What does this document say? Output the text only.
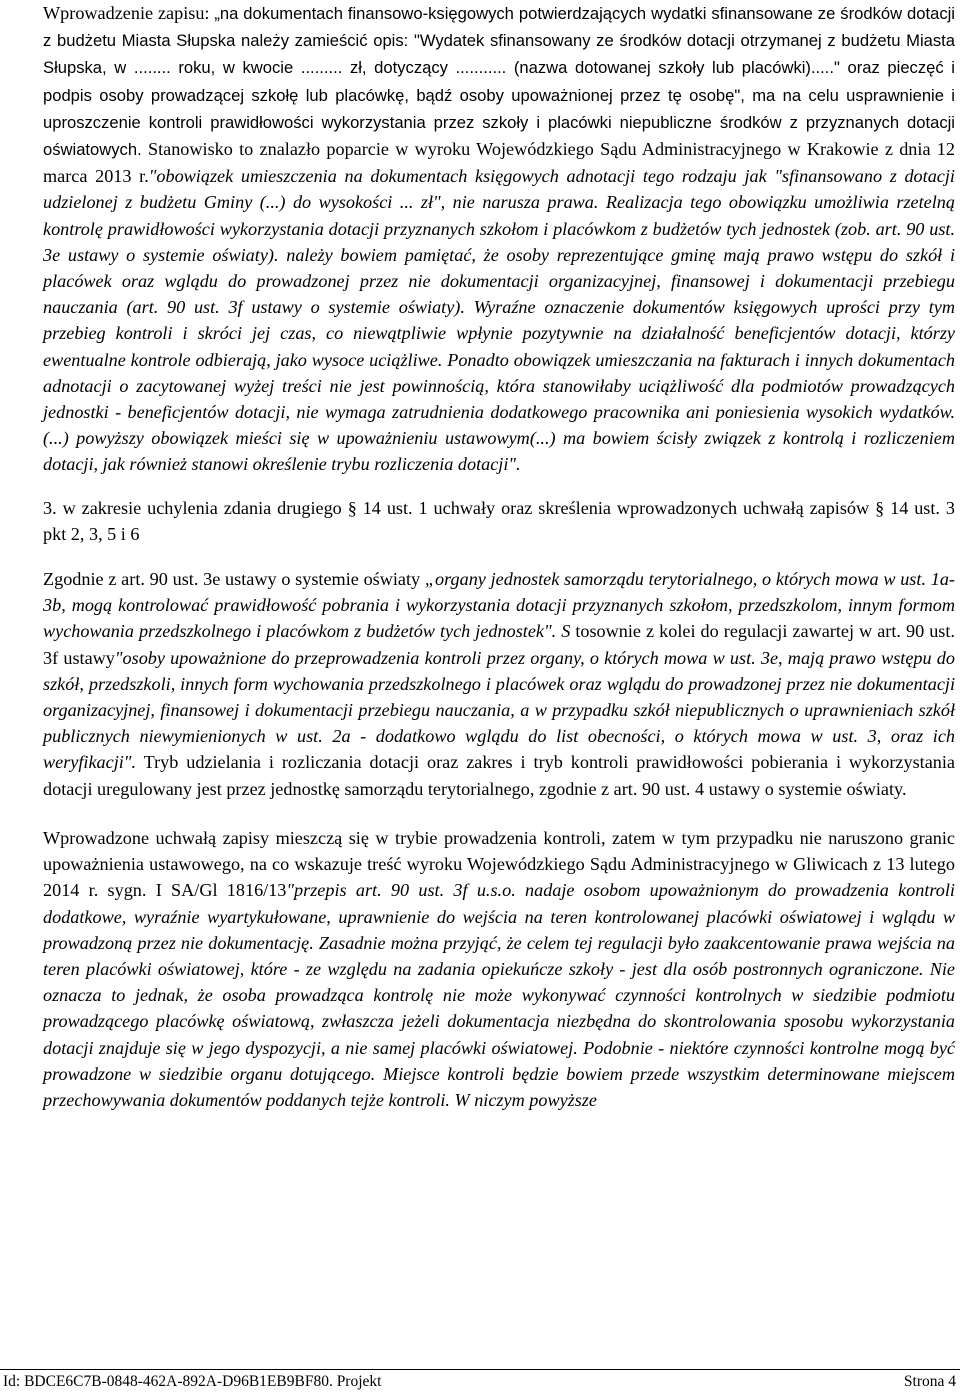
Wprowadzenie zapisu: „na dokumentach finansowo-księgowych potwierdzających wydatki sfinansowane ze środków dotacji z budżetu Miasta Słupska należy zamieścić opis: "Wydatek sfinansowany ze środków dotacji otrzymanej z budżetu Miasta Słupska, w ........ roku, w kwocie ......... zł, dotyczący ........... (nazwa dotowanej szkoły lub placówki)....." oraz pieczęć i podpis osoby prowadzącej szkołę lub placówkę, bądź osoby upoważnionej przez tę osobę", ma na celu usprawnienie i uproszczenie kontroli prawidłowości wykorzystania przez szkoły i placówki niepubliczne środków z przyznanych dotacji oświatowych. Stanowisko to znalazło poparcie w wyroku Wojewódzkiego Sądu Administracyjnego w Krakowie z dnia 12 marca 2013 r."obowiązek umieszczenia na dokumentach księgowych adnotacji tego rodzaju jak "sfinansowano z dotacji udzielonej z budżetu Gminy (...) do wysokości ... zł", nie narusza prawa. Realizacja tego obowiązku umożliwia rzetelną kontrolę prawidłowości wykorzystania dotacji przyznanych szkołom i placówkom z budżetów tych jednostek (zob. art. 90 ust. 3e ustawy o systemie oświaty). należy bowiem pamiętać, że osoby reprezentujące gminę mają prawo wstępu do szkół i placówek oraz wglądu do prowadzonej przez nie dokumentacji organizacyjnej, finansowej i dokumentacji przebiegu nauczania (art. 90 ust. 3f ustawy o systemie oświaty). Wyraźne oznaczenie dokumentów księgowych uprości przy tym przebieg kontroli i skróci jej czas, co niewątpliwie wpłynie pozytywnie na działalność beneficjentów dotacji, którzy ewentualne kontrole odbierają, jako wysoce uciążliwe. Ponadto obowiązek umieszczania na fakturach i innych dokumentach adnotacji o zacytowanej wyżej treści nie jest powinnością, która stanowiłaby uciążliwość dla podmiotów prowadzących jednostki - beneficjentów dotacji, nie wymaga zatrudnienia dodatkowego pracownika ani poniesienia wysokich wydatków. (...) powyższy obowiązek mieści się w upoważnieniu ustawowym(...) ma bowiem ścisły związek z kontrolą i rozliczeniem dotacji, jak również stanowi określenie trybu rozliczenia dotacji".

3. w zakresie uchylenia zdania drugiego § 14 ust. 1 uchwały oraz skreślenia wprowadzonych uchwałą zapisów § 14 ust. 3 pkt 2, 3, 5 i 6

Zgodnie z art. 90 ust. 3e ustawy o systemie oświaty „organy jednostek samorządu terytorialnego, o których mowa w ust. 1a-3b, mogą kontrolować prawidłowość pobrania i wykorzystania dotacji przyznanych szkołom, przedszkolom, innym formom wychowania przedszkolnego i placówkom z budżetów tych jednostek". S tosownie z kolei do regulacji zawartej w art. 90 ust. 3f ustawy"osoby upoważnione do przeprowadzenia kontroli przez organy, o których mowa w ust. 3e, mają prawo wstępu do szkół, przedszkoli, innych form wychowania przedszkolnego i placówek oraz wglądu do prowadzonej przez nie dokumentacji organizacyjnej, finansowej i dokumentacji przebiegu nauczania, a w przypadku szkół niepublicznych o uprawnieniach szkół publicznych niewymienionych w ust. 2a - dodatkowo wglądu do list obecności, o których mowa w ust. 3, oraz ich weryfikacji". Tryb udzielania i rozliczania dotacji oraz zakres i tryb kontroli prawidłowości pobierania i wykorzystania dotacji uregulowany jest przez jednostkę samorządu terytorialnego, zgodnie z art. 90 ust. 4 ustawy o systemie oświaty.

Wprowadzone uchwałą zapisy mieszczą się w trybie prowadzenia kontroli, zatem w tym przypadku nie naruszono granic upoważnienia ustawowego, na co wskazuje treść wyroku Wojewódzkiego Sądu Administracyjnego w Gliwicach z 13 lutego 2014 r. sygn. I SA/Gl 1816/13"przepis art. 90 ust. 3f u.s.o. nadaje osobom upoważnionym do prowadzenia kontroli dodatkowe, wyraźnie wyartykułowane, uprawnienie do wejścia na teren kontrolowanej placówki oświatowej i wglądu w prowadzoną przez nie dokumentację. Zasadnie można przyjąć, że celem tej regulacji było zaakcentowanie prawa wejścia na teren placówki oświatowej, które - ze względu na zadania opiekuńcze szkoły - jest dla osób postronnych ograniczone. Nie oznacza to jednak, że osoba prowadząca kontrolę nie może wykonywać czynności kontrolnych w siedzibie podmiotu prowadzącego placówkę oświatową, zwłaszcza jeżeli dokumentacja niezbędna do skontrolowania sposobu wykorzystania dotacji znajduje się w jego dyspozycji, a nie samej placówki oświatowej. Podobnie - niektóre czynności kontrolne mogą być prowadzone w siedzibie organu dotującego. Miejsce kontroli będzie bowiem przede wszystkim determinowane miejscem przechowywania dokumentów poddanych tejże kontroli. W niczym powyższe

Id: BDCE6C7B-0848-462A-892A-D96B1EB9BF80. Projekt	Strona 4
